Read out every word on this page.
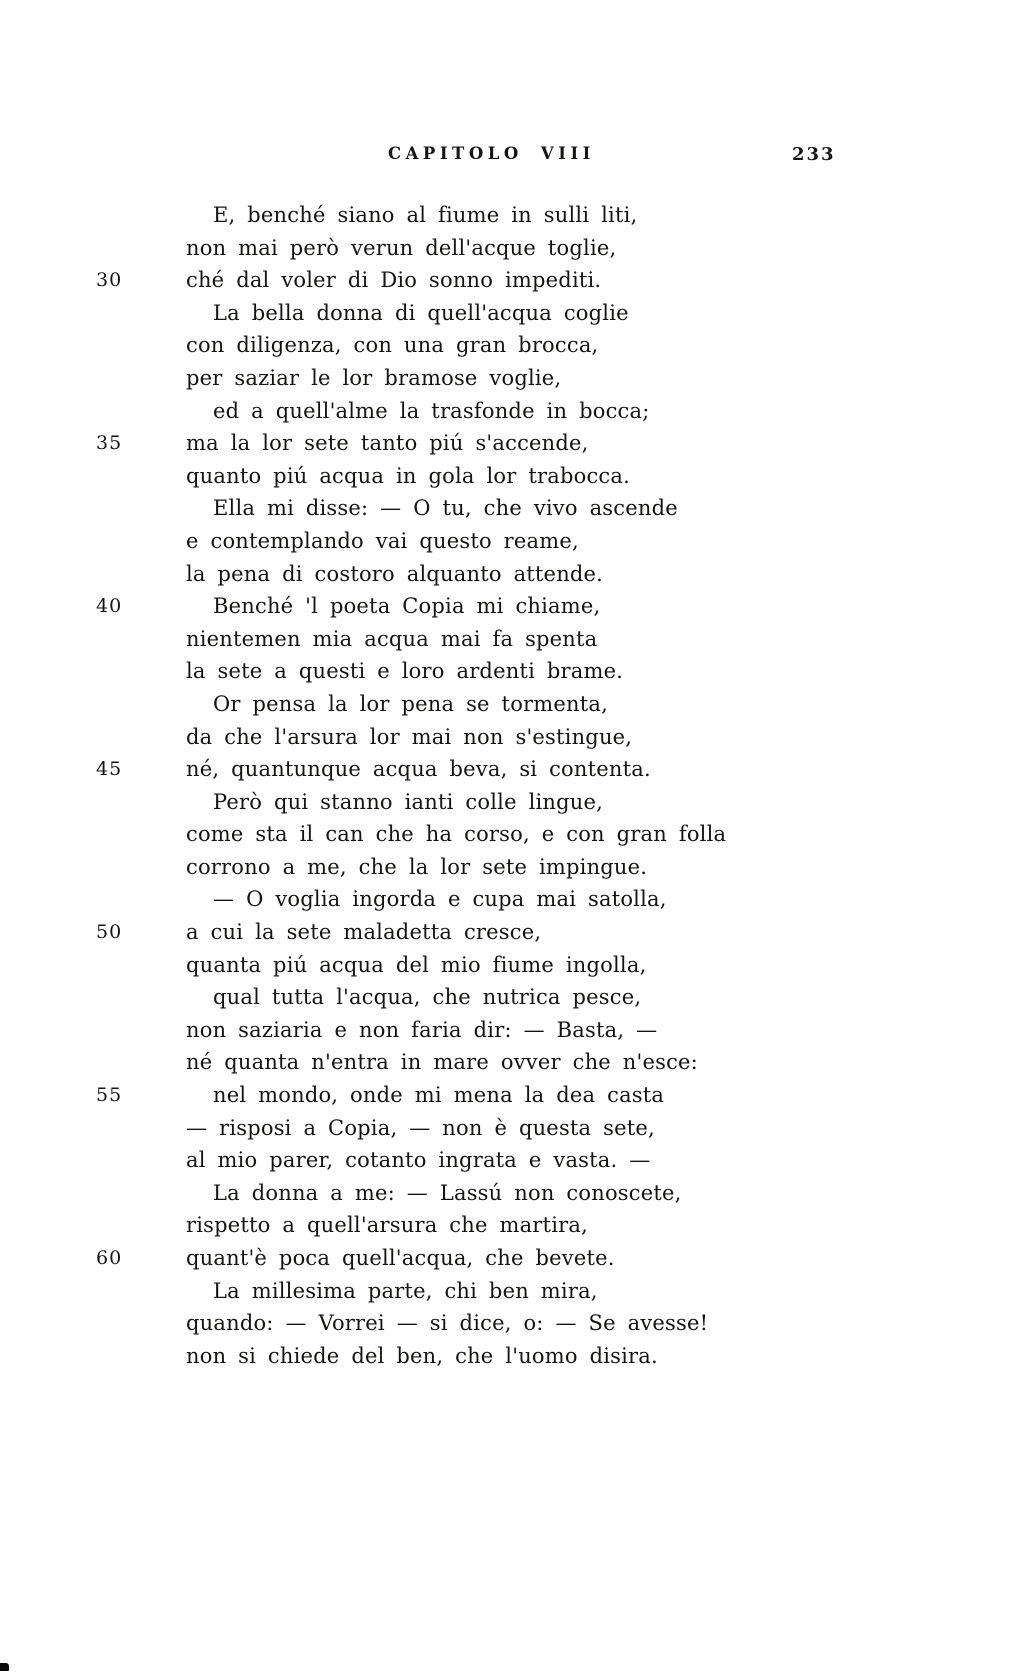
CAPITOLO VIII	233
E, benché siano al fiume in sulli liti,
non mai però verun dell'acque toglie,
30	ché dal voler di Dio sonno impediti.
La bella donna di quell'acqua coglie
con diligenza, con una gran brocca,
per saziar le lor bramose voglie,
ed a quell'alme la trasfonde in bocca;
35	ma la lor sete tanto piú s'accende,
quanto piú acqua in gola lor trabocca.
Ella mi disse: — O tu, che vivo ascende
e contemplando vai questo reame,
la pena di costoro alquanto attende.
40	Benché 'l poeta Copia mi chiame,
nientemen mia acqua mai fa spenta
la sete a questi e loro ardenti brame.
Or pensa la lor pena se tormenta,
da che l'arsura lor mai non s'estingue,
45	né, quantunque acqua beva, si contenta.
Però qui stanno ianti colle lingue,
come sta il can che ha corso, e con gran folla
corrono a me, che la lor sete impingue.
— O voglia ingorda e cupa mai satolla,
50	a cui la sete maladetta cresce,
quanta piú acqua del mio fiume ingolla,
qual tutta l'acqua, che nutrica pesce,
non saziaria e non faria dir: — Basta, —
né quanta n'entra in mare ovver che n'esce:
55	nel mondo, onde mi mena la dea casta
— risposi a Copia, — non è questa sete,
al mio parer, cotanto ingrata e vasta. —
La donna a me: — Lassú non conoscete,
rispetto a quell'arsura che martira,
60	quant'è poca quell'acqua, che bevete.
La millesima parte, chi ben mira,
quando: — Vorrei — si dice, o: — Se avesse!
non si chiede del ben, che l'uomo disira.
